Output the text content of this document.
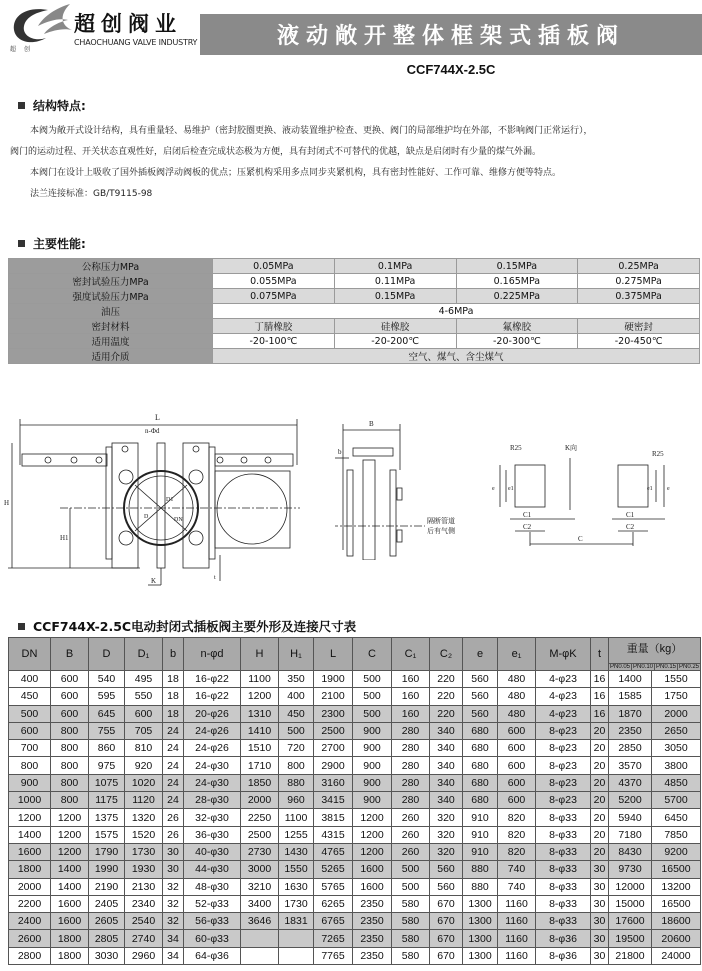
超创阀业
CHAOCHUANG VALVE INDUSTRY
超创
液动敞开整体框架式插板阀
CCF744X-2.5C
结构特点:

本阀为敞开式设计结构，具有重量轻、易维护（密封胶圈更换、液动装置维护检查、更换、阀门的局部维护均在外部，不影响阀门正常运行），

阀门的运动过程、开关状态直观性好，启闭后检查完成状态极为方便，具有封闭式不可替代的优越，缺点是启闭时有少量的煤气外漏。

本阀门在设计上吸收了国外插板阀浮动阀板的优点；压紧机构采用多点同步夹紧机构，具有密封性能好、工作可靠、维修方便等特点。

法兰连接标准：GB/T9115-98

主要性能:
公称压力MPa	0.05MPa	0.1MPa	0.15MPa	0.25MPa
密封试验压力MPa	0.055MPa	0.11MPa	0.165MPa	0.275MPa
强度试验压力MPa	0.075MPa	0.15MPa	0.225MPa	0.375MPa
油压	4-6MPa			
密封材料	丁腈橡胶	硅橡胶	氟橡胶	硬密封
适用温度	-20-100℃	-20-200℃	-20-300℃	-20-450℃
适用介质	空气、煤气、含尘煤气			
L
n-Φd
D1
D	DN
H
H1
K	t
B
b
隔断管道
后有气侧
R25	K向
R25
e e1	e
e1
C1
C2
C1
C2
C
CCF744X-2.5C电动封闭式插板阀主要外形及连接尺寸表
DN	B	D	D₁	b	n-φd	H	H₁	L	C	C₁	C₂	e	e₁	M-φK	t	重量（kg）
PN0.05 PN0.10 PN0.15 PN0.25	

400	600	540	495	18	16-φ22	1100	350	1900	500	160	220	560	480	4-φ23	16	1400	1550
450	600	595	550	18	16-φ22	1200	400	2100	500	160	220	560	480	4-φ23	16	1585	1750
500	600	645	600	18	20-φ26	1310	450	2300	500	160	220	560	480	4-φ23	16	1870	2000
600	800	755	705	24	24-φ26	1410	500	2500	900	280	340	680	600	8-φ23	20	2350	2650
700	800	860	810	24	24-φ26	1510	720	2700	900	280	340	680	600	8-φ23	20	2850	3050
800	800	975	920	24	24-φ30	1710	800	2900	900	280	340	680	600	8-φ23	20	3570	3800
900	800	1075	1020	24	24-φ30	1850	880	3160	900	280	340	680	600	8-φ23	20	4370	4850
1000	800	1175	1120	24	28-φ30	2000	960	3415	900	280	340	680	600	8-φ23	20	5200	5700
1200	1200	1375	1320	26	32-φ30	2250	1100	3815	1200	260	320	910	820	8-φ33	20	5940	6450
1400	1200	1575	1520	26	36-φ30	2500	1255	4315	1200	260	320	910	820	8-φ33	20	7180	7850
1600	1200	1790	1730	30	40-φ30	2730	1430	4765	1200	260	320	910	820	8-φ33	20	8430	9200
1800	1400	1990	1930	30	44-φ30	3000	1550	5265	1600	500	560	880	740	8-φ33	30	9730	16500
2000	1400	2190	2130	32	48-φ30	3210	1630	5765	1600	500	560	880	740	8-φ33	30	12000	13200
2200	1600	2405	2340	32	52-φ33	3400	1730	6265	2350	580	670	1300	1160	8-φ33	30	15000	16500
2400	1600	2605	2540	32	56-φ33	3646	1831	6765	2350	580	670	1300	1160	8-φ33	30	17600	18600
2600	1800	2805	2740	34	60-φ33			7265	2350	580	670	1300	1160	8-φ36	30	19500	20600
2800	1800	3030	2960	34	64-φ36			7765	2350	580	670	1300	1160	8-φ36	30	21800	24000
